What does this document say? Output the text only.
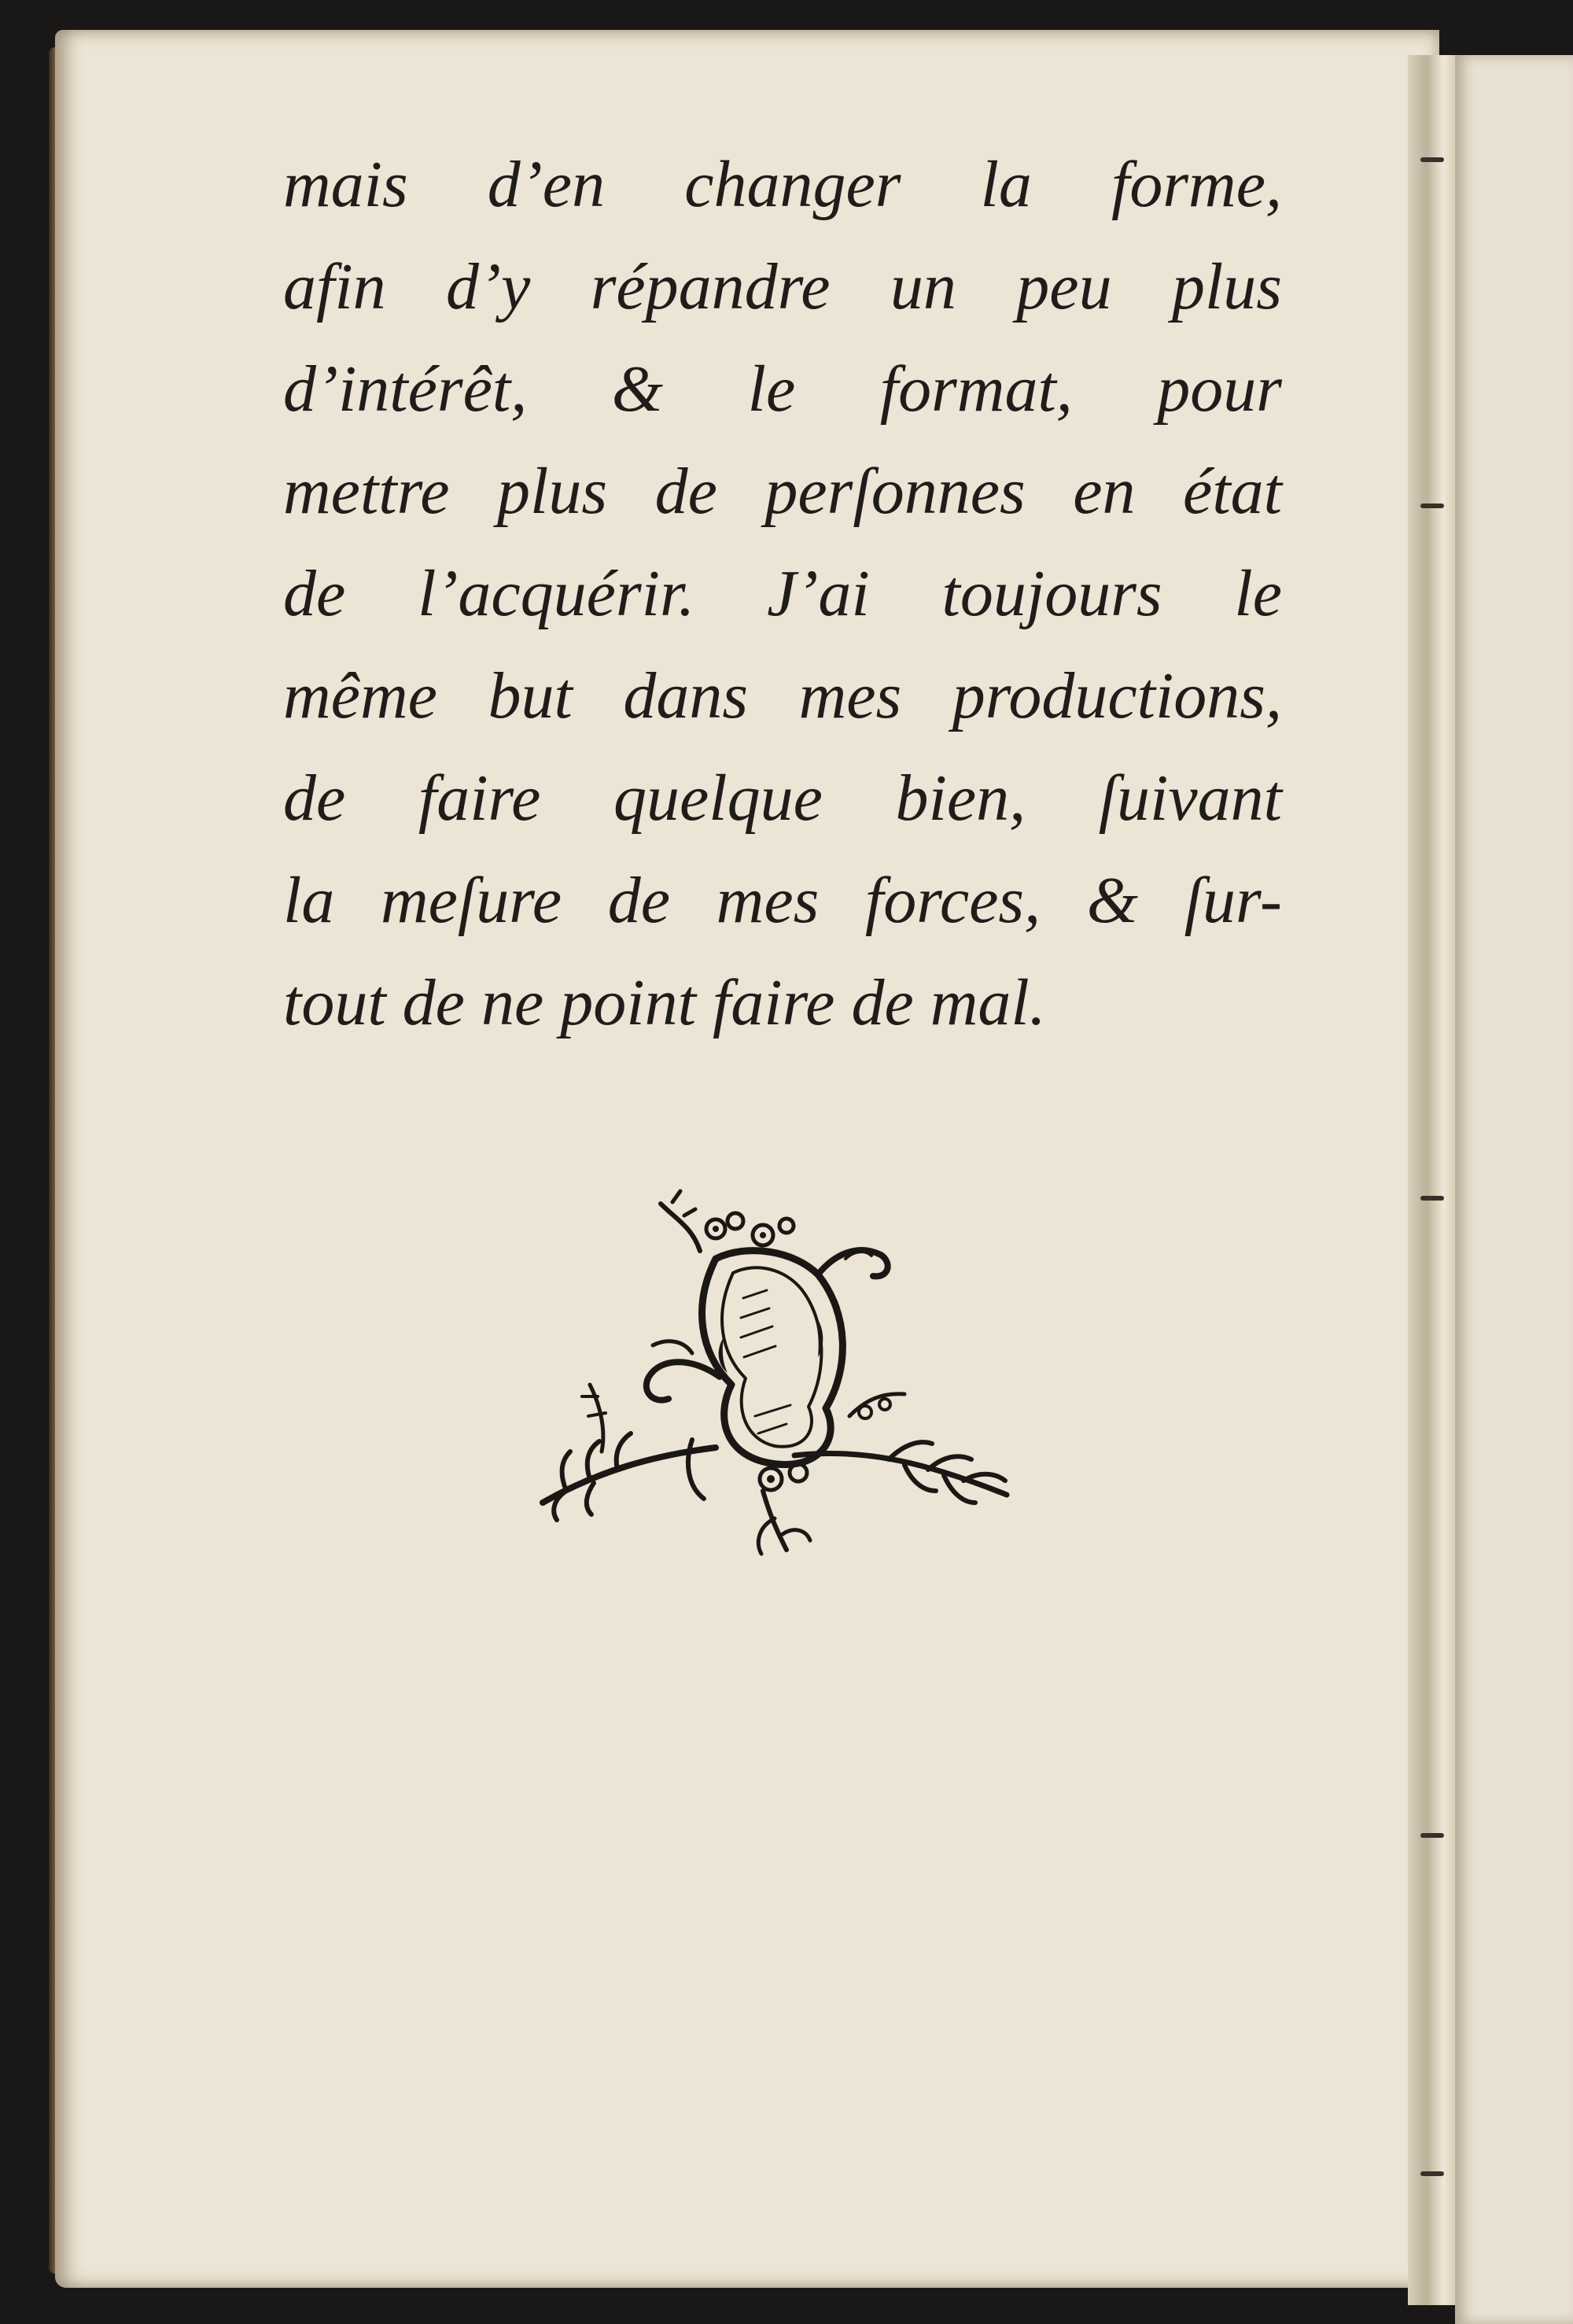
mais d’en changer la forme,
afin d’y répandre un peu plus
d’intérêt, & le format, pour
mettre plus de perſonnes en état
de l’acquérir. J’ai toujours le
même but dans mes productions,
de faire quelque bien, ſuivant
la meſure de mes forces, & ſur-
tout de ne point faire de mal.
